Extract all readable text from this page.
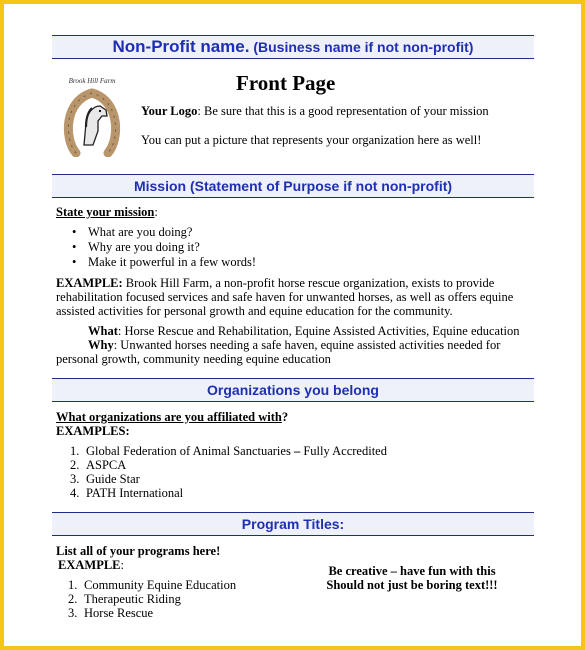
Non-Profit name. (Business name if not non-profit)
Brook Hill Farm	Front Page
Your Logo: Be sure that this is a good representation of your mission
You can put a picture that represents your organization here as well!
Mission (Statement of Purpose if not non-profit)
State your mission:
• What are you doing?
• Why are you doing it?
• Make it powerful in a few words!
EXAMPLE: Brook Hill Farm, a non-profit horse rescue organization, exists to provide
rehabilitation focused services and safe haven for unwanted horses, as well as offers equine
assisted activities for personal growth and equine education for the community.
What: Horse Rescue and Rehabilitation, Equine Assisted Activities, Equine education
Why: Unwanted horses needing a safe haven, equine assisted activities needed for
personal growth, community needing equine education
Organizations you belong
What organizations are you affiliated with?
EXAMPLES:
1. Global Federation of Animal Sanctuaries – Fully Accredited
2. ASPCA
3. Guide Star
4. PATH International
Program Titles:
List all of your programs here!
EXAMPLE:
1. Community Equine Education
2. Therapeutic Riding
3. Horse Rescue
Be creative – have fun with this
Should not just be boring text!!!
